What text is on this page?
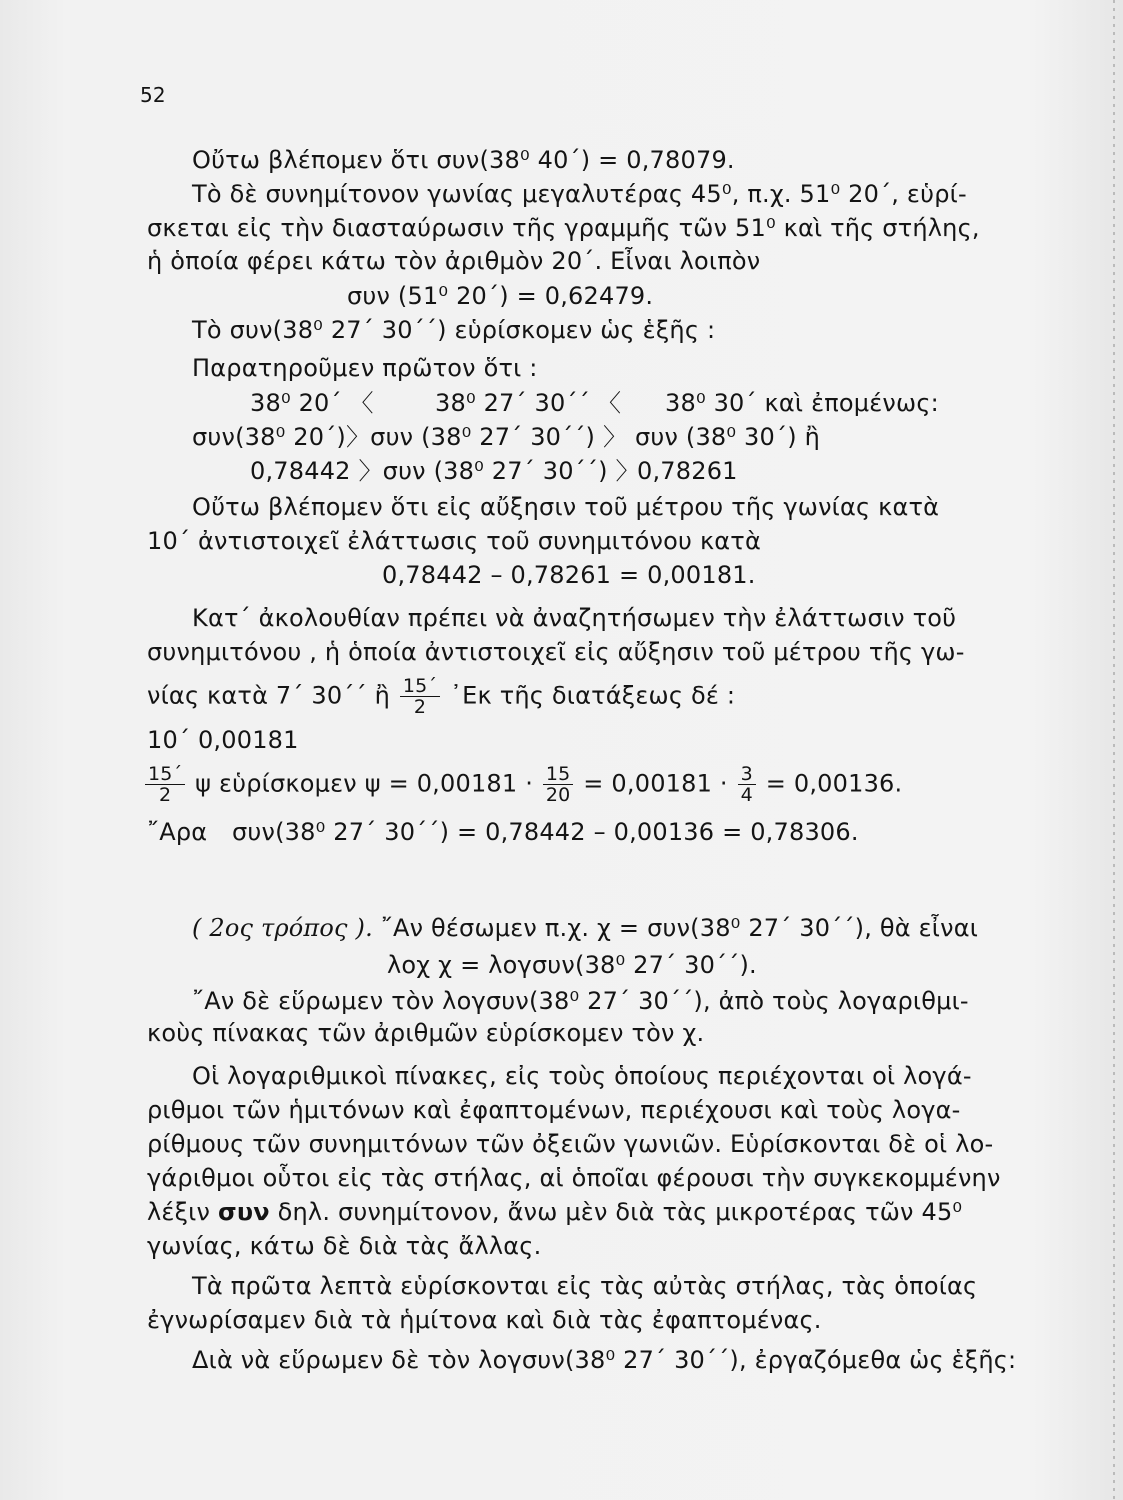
52
Οὔτω βλέπομεν ὅτι συν(38⁰ 40΄) = 0,78079.
Τὸ δὲ συνημίτονον γωνίας μεγαλυτέρας 45⁰, π.χ. 51⁰ 20΄, εὑρί-
σκεται εἰς τὴν διασταύρωσιν τῆς γραμμῆς τῶν 51⁰ καὶ τῆς στήλης,
ἡ ὁποία φέρει κάτω τὸν ἀριθμὸν 20΄. Εἶναι λοιπὸν
συν (51⁰ 20΄) = 0,62479.
Τὸ συν(38⁰ 27΄ 30΄΄) εὑρίσκομεν ὡς ἑξῆς :
Παρατηροῦμεν πρῶτον ὅτι :
38⁰ 20΄ 〈	38⁰ 27΄ 30΄΄ 〈 38⁰ 30΄ καὶ ἐπομένως:
συν(38⁰ 20΄)〉συν (38⁰ 27΄ 30΄΄) 〉 συν (38⁰ 30΄) ἢ
0,78442 〉συν (38⁰ 27΄ 30΄΄) 〉
0,78261
Οὔτω βλέπομεν ὅτι εἰς αὔξησιν τοῦ μέτρου τῆς γωνίας κατὰ
10΄ ἀντιστοιχεῖ ἐλάττωσις τοῦ συνημιτόνου κατὰ
0,78442 – 0,78261 = 0,00181.
Κατ΄ ἀκολουθίαν πρέπει νὰ ἀναζητήσωμεν τὴν ἐλάττωσιν τοῦ
συνημιτόνου , ἡ ὁποία ἀντιστοιχεῖ εἰς αὔξησιν τοῦ μέτρου τῆς γω-
νίας κατὰ 7΄ 30΄΄ ἢ $\frac{15΄}{2}$ ᾿Εκ τῆς διατάξεως δέ :
10΄ 0,00181
$\frac{15΄}{2}$ ψ εὑρίσκομεν $\psi = 0,00181 \cdot \frac{15}{20} = 0,00181 \cdot \frac{3}{4} = 0,00136$.
῎Αρα συν(38⁰ 27΄ 30΄΄) = 0,78442 – 0,00136 = 0,78306.
( 2ος τρόπος ). ῎Αν θέσωμεν π.χ. χ = συν(38⁰ 27΄ 30΄΄), θὰ εἶναι
λοχ χ = λογσυν(38⁰ 27΄ 30΄΄).
῎Αν δὲ εὕρωμεν τὸν λογσυν(38⁰ 27΄ 30΄΄), ἀπὸ τοὺς λογαριθμι-
κοὺς πίνακας τῶν ἀριθμῶν εὑρίσκομεν τὸν χ.
Οἱ λογαριθμικοὶ πίνακες, εἰς τοὺς ὁποίους περιέχονται οἱ λογά-
ριθμοι τῶν ἡμιτόνων καὶ ἐφαπτομένων, περιέχουσι καὶ τοὺς λογα-
ρίθμους τῶν συνημιτόνων τῶν ὀξειῶν γωνιῶν. Εὑρίσκονται δὲ οἱ λο-
γάριθμοι οὗτοι εἰς τὰς στήλας, αἱ ὁποῖαι φέρουσι τὴν συγκεκομμένην
λέξιν συν δηλ. συνημίτονον, ἄνω μὲν διὰ τὰς μικροτέρας τῶν 45⁰
γωνίας, κάτω δὲ διὰ τὰς ἄλλας.
Τὰ πρῶτα λεπτὰ εὑρίσκονται εἰς τὰς αὐτὰς στήλας, τὰς ὁποίας
ἐγνωρίσαμεν διὰ τὰ ἡμίτονα καὶ διὰ τὰς ἐφαπτομένας.
Διὰ νὰ εὕρωμεν δὲ τὸν λογσυν(38⁰ 27΄ 30΄΄), ἐργαζόμεθα ὡς ἑξῆς:
